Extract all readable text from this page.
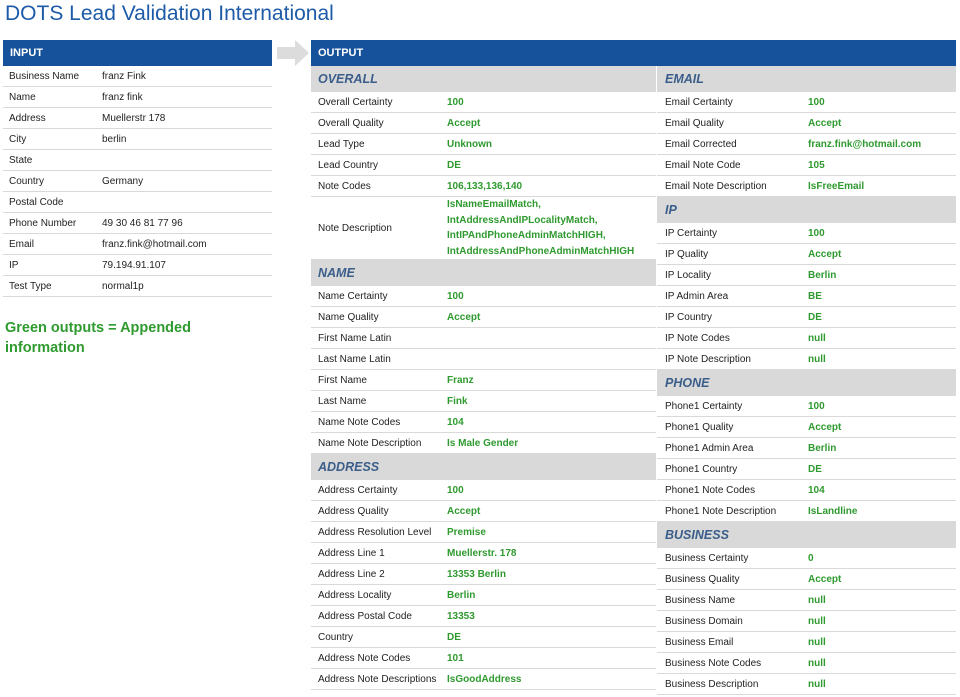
DOTS Lead Validation International
INPUT
Business Name	franz Fink
Name	franz fink
Address	Muellerstr 178
City	berlin
State
Country	Germany
Postal Code
Phone Number	49 30 46 81 77 96
Email	franz.fink@hotmail.com
IP	79.194.91.107
Test Type	normal1p
Green outputs = Appended information
OUTPUT
OVERALL
Overall Certainty	100
Overall Quality	Accept
Lead Type	Unknown
Lead Country	DE
Note Codes	106,133,136,140
Note Description
IsNameEmailMatch,
IntAddressAndIPLocalityMatch,
IntIPAndPhoneAdminMatchHIGH,
IntAddressAndPhoneAdminMatchHIGH
NAME
Name Certainty	100
Name Quality	Accept
First Name Latin
Last Name Latin
First Name	Franz
Last Name	Fink
Name Note Codes	104
Name Note Description	Is Male Gender
ADDRESS
Address Certainty	100
Address Quality	Accept
Address Resolution Level	Premise
Address Line 1	Muellerstr. 178
Address Line 2	13353 Berlin
Address Locality	Berlin
Address Postal Code	13353
Country	DE
Address Note Codes	101
Address Note Descriptions	IsGoodAddress
EMAIL
Email Certainty	100
Email Quality	Accept
Email Corrected	franz.fink@hotmail.com
Email Note Code	105
Email Note Description	IsFreeEmail
IP
IP Certainty	100
IP Quality	Accept
IP Locality	Berlin
IP Admin Area	BE
IP Country	DE
IP Note Codes	null
IP Note Description	null
PHONE
Phone1 Certainty	100
Phone1 Quality	Accept
Phone1 Admin Area	Berlin
Phone1 Country	DE
Phone1 Note Codes	104
Phone1 Note Description	IsLandline
BUSINESS
Business Certainty	0
Business Quality	Accept
Business Name	null
Business Domain	null
Business Email	null
Business Note Codes	null
Business Description	null
